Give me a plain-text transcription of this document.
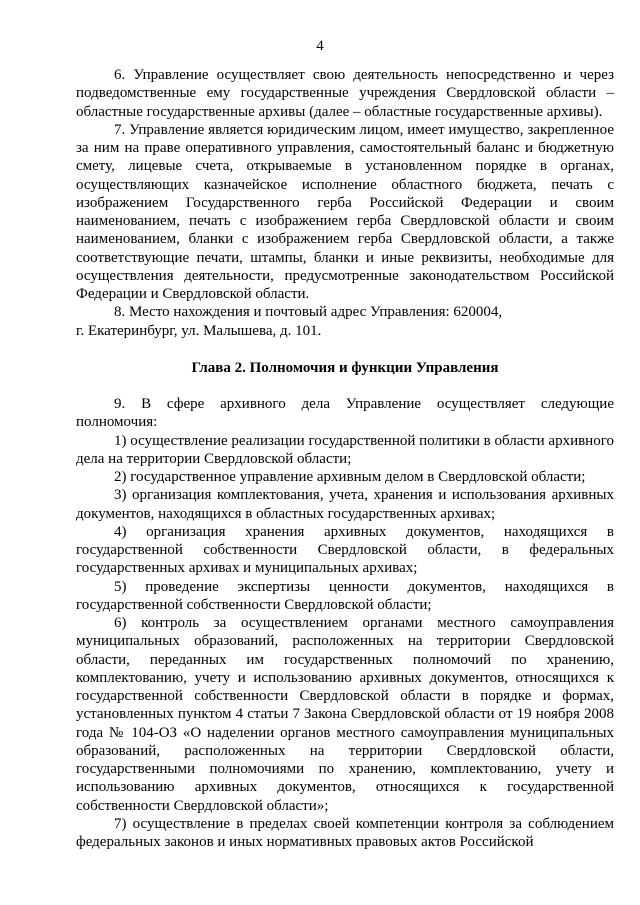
4

6. Управление осуществляет свою деятельность непосредственно и через подведомственные ему государственные учреждения Свердловской области – областные государственные архивы (далее – областные государственные архивы).

7. Управление является юридическим лицом, имеет имущество, закрепленное за ним на праве оперативного управления, самостоятельный баланс и бюджетную смету, лицевые счета, открываемые в установленном порядке в органах, осуществляющих казначейское исполнение областного бюджета, печать с изображением Государственного герба Российской Федерации и своим наименованием, печать с изображением герба Свердловской области и своим наименованием, бланки с изображением герба Свердловской области, а также соответствующие печати, штампы, бланки и иные реквизиты, необходимые для осуществления деятельности, предусмотренные законодательством Российской Федерации и Свердловской области.

8. Место нахождения и почтовый адрес Управления: 620004,
г. Екатеринбург, ул. Малышева, д. 101.

Глава 2. Полномочия и функции Управления

9. В сфере архивного дела Управление осуществляет следующие полномочия:

1) осуществление реализации государственной политики в области архивного дела на территории Свердловской области;

2) государственное управление архивным делом в Свердловской области;

3) организация комплектования, учета, хранения и использования архивных документов, находящихся в областных государственных архивах;

4) организация хранения архивных документов, находящихся в государственной собственности Свердловской области, в федеральных государственных архивах и муниципальных архивах;

5) проведение экспертизы ценности документов, находящихся в государственной собственности Свердловской области;

6) контроль за осуществлением органами местного самоуправления муниципальных образований, расположенных на территории Свердловской области, переданных им государственных полномочий по хранению, комплектованию, учету и использованию архивных документов, относящихся к государственной собственности Свердловской области в порядке и формах, установленных пунктом 4 статьи 7 Закона Свердловской области от 19 ноября 2008 года № 104-ОЗ «О наделении органов местного самоуправления муниципальных образований, расположенных на территории Свердловской области, государственными полномочиями по хранению, комплектованию, учету и использованию архивных документов, относящихся к государственной собственности Свердловской области»;

7) осуществление в пределах своей компетенции контроля за соблюдением федеральных законов и иных нормативных правовых актов Российской
